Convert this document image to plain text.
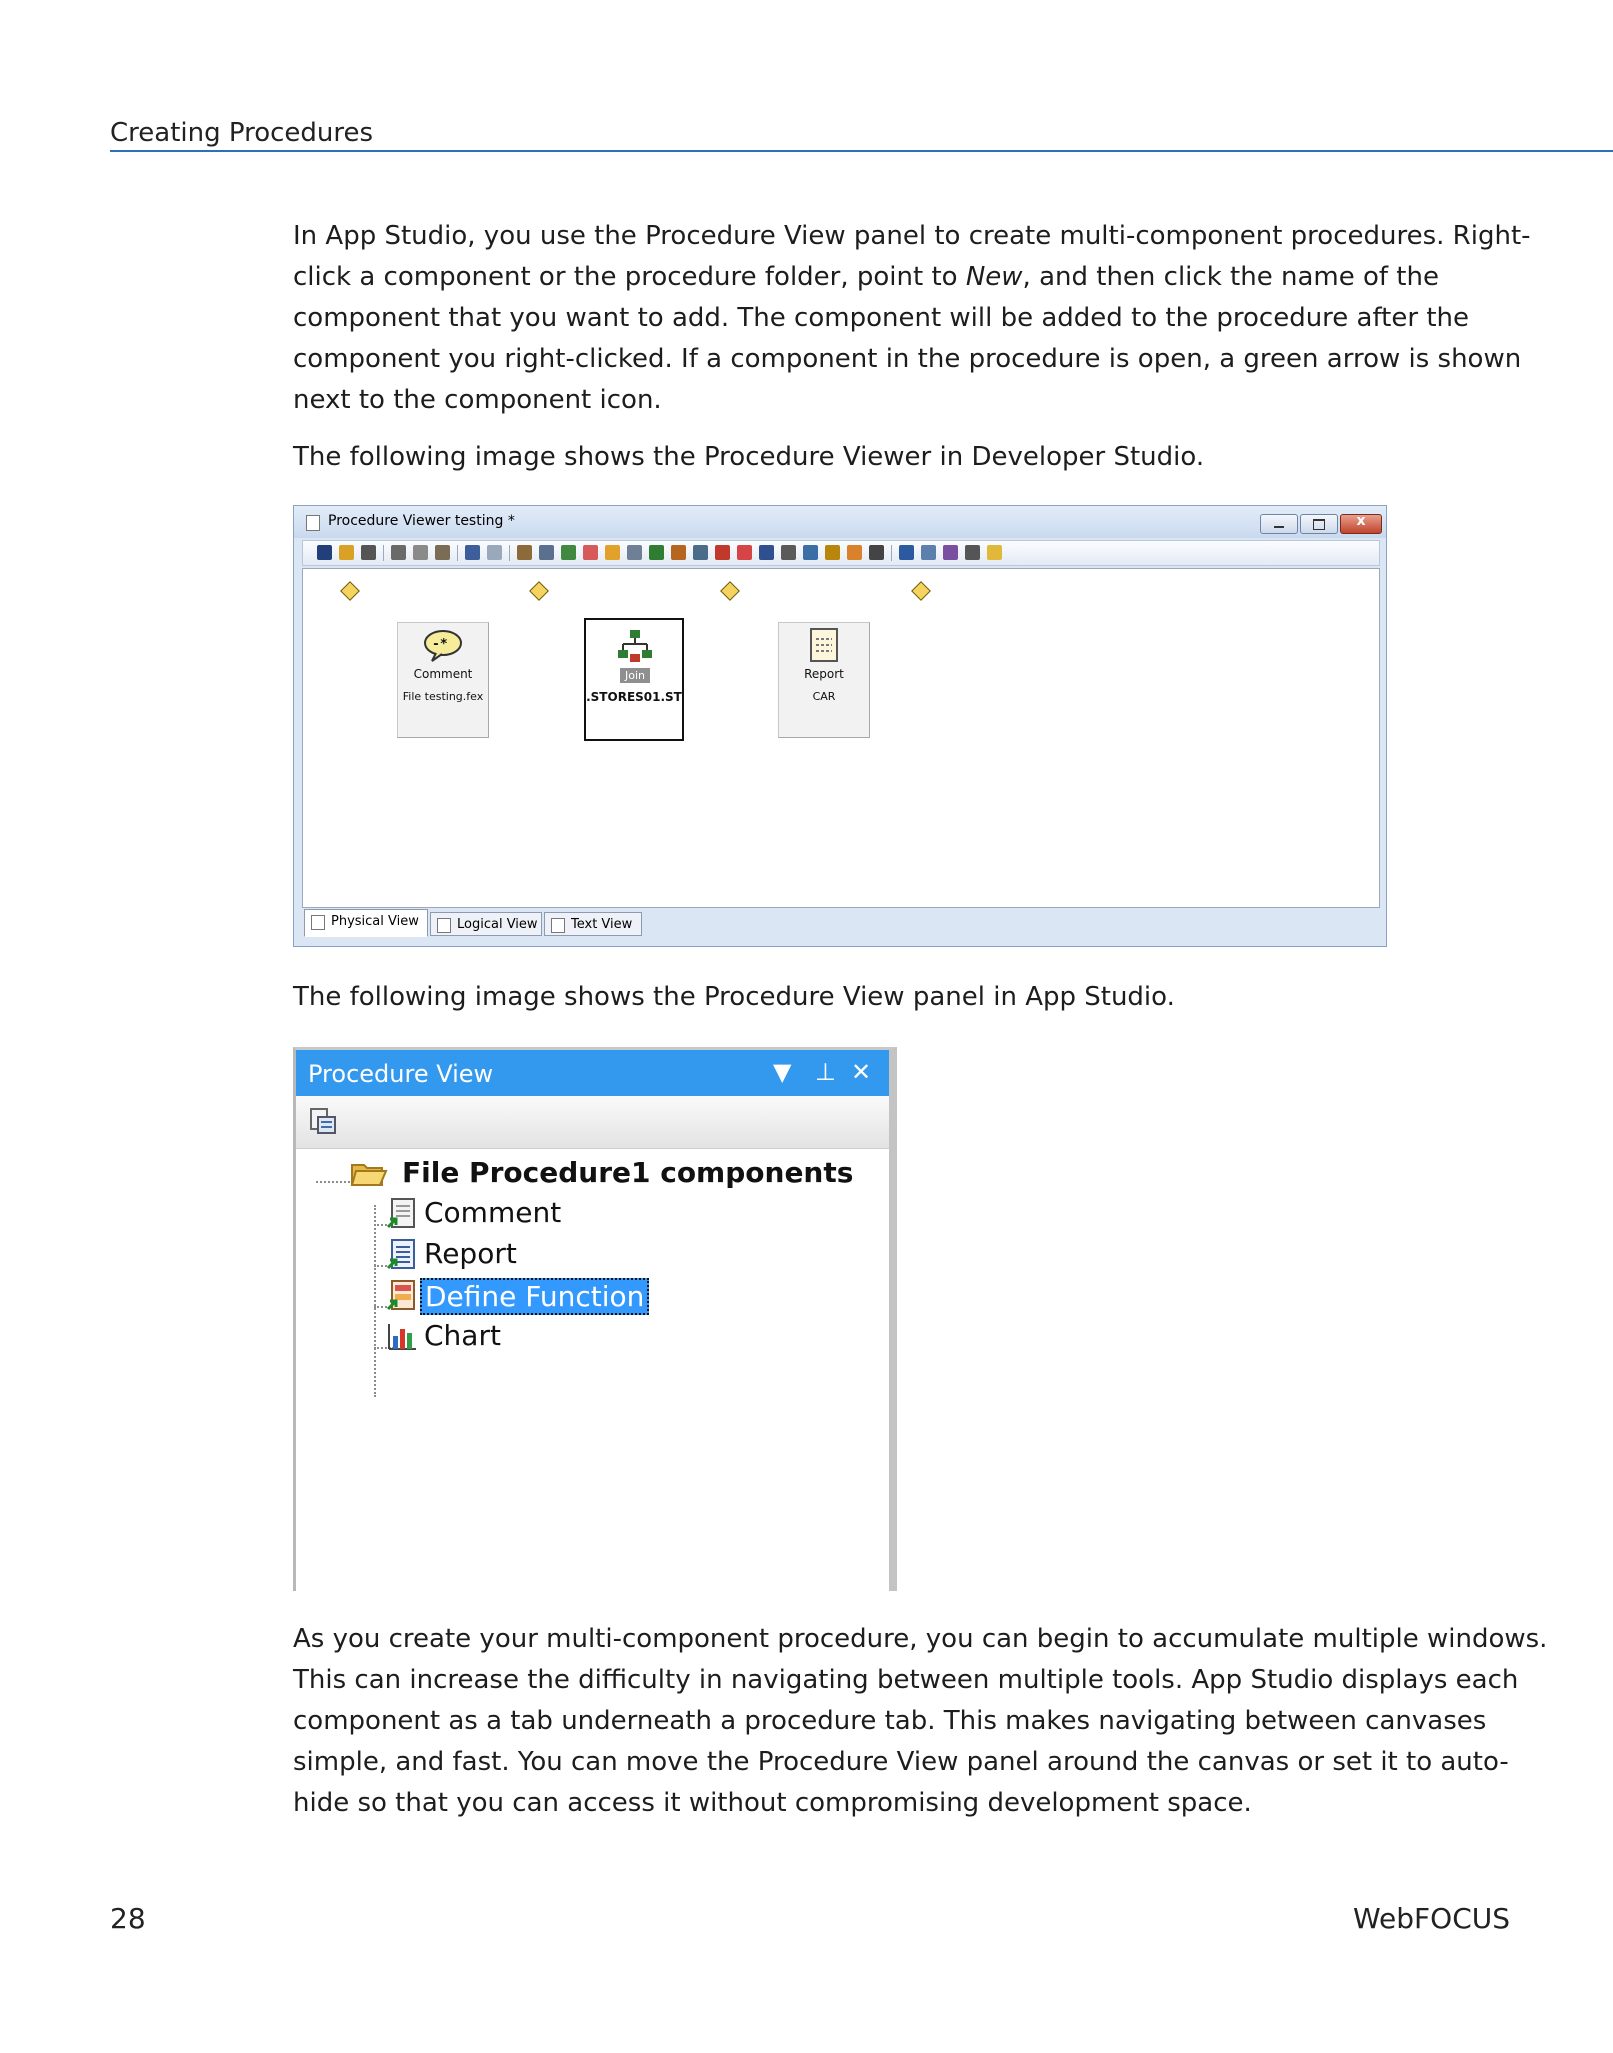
Creating Procedures
In App Studio, you use the Procedure View panel to create multi-component procedures. Right-
click a component or the procedure folder, point to New, and then click the name of the
component that you want to add. The component will be added to the procedure after the
component you right-clicked. If a component in the procedure is open, a green arrow is shown
next to the component icon.
The following image shows the Procedure Viewer in Developer Studio.
Procedure Viewer testing *	x
Physical View	Logical View	Text View
-*
Comment
File testing.fex
Join
.STORES01.ST
Report
CAR
The following image shows the Procedure View panel in App Studio.
Procedure View	▼ ⊥ ✕
File Procedure1 components
Comment
Report
Define Function
Chart
As you create your multi-component procedure, you can begin to accumulate multiple windows.
This can increase the difficulty in navigating between multiple tools. App Studio displays each
component as a tab underneath a procedure tab. This makes navigating between canvases
simple, and fast. You can move the Procedure View panel around the canvas or set it to auto-
hide so that you can access it without compromising development space.
28	WebFOCUS
